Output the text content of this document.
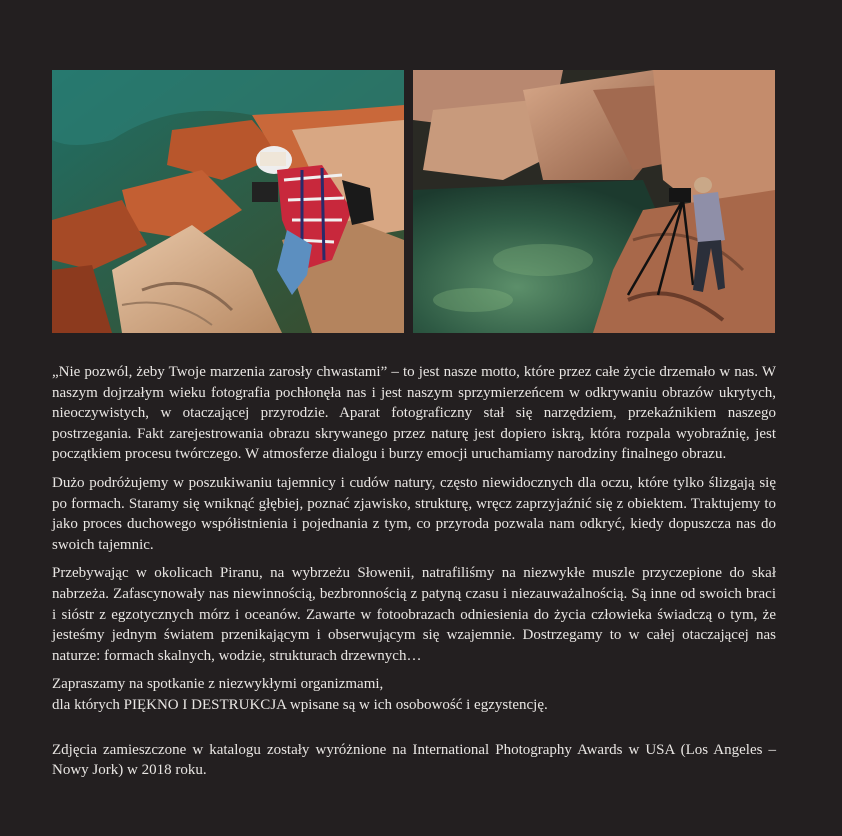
„Nie pozwól, żeby Twoje marzenia zarosły chwastami” – to jest nasze motto, które przez całe życie drzemało w nas. W naszym dojrzałym wieku fotografia pochłonęła nas i jest naszym sprzymierzeńcem w odkrywaniu obrazów ukrytych, nieoczywistych, w otaczającej przyrodzie. Aparat fotograficzny stał się narzędziem, przekaźnikiem naszego postrzegania. Fakt zarejestrowania obrazu skrywanego przez naturę jest dopiero iskrą, która rozpala wyobraźnię, jest początkiem procesu twórczego. W atmosferze dialogu i burzy emocji uruchamiamy narodziny finalnego obrazu.

Dużo podróżujemy w poszukiwaniu tajemnicy i cudów natury, często niewidocznych dla oczu, które tylko ślizgają się po formach. Staramy się wniknąć głębiej, poznać zjawisko, strukturę, wręcz zaprzyjaźnić się z obiektem. Traktujemy to jako proces duchowego współistnienia i pojednania z tym, co przyroda pozwala nam odkryć, kiedy dopuszcza nas do swoich tajemnic.

Przebywając w okolicach Piranu, na wybrzeżu Słowenii, natrafiliśmy na niezwykłe muszle przyczepione do skał nabrzeża. Zafascynowały nas niewinnością, bezbronnością z patyną czasu i niezauważalnością. Są inne od swoich braci i sióstr z egzotycznych mórz i oceanów. Zawarte w fotoobrazach odniesienia do życia człowieka świadczą o tym, że jesteśmy jednym światem przenikającym i obserwującym się wzajemnie. Dostrzegamy to w całej otaczającej nas naturze: formach skalnych, wodzie, strukturach drzewnych…

Zapraszamy na spotkanie z niezwykłymi organizmami,
dla których PIĘKNO I DESTRUKCJA wpisane są w ich osobowość i egzystencję.

Zdjęcia zamieszczone w katalogu zostały wyróżnione na International Photography Awards w USA (Los Angeles – Nowy Jork) w 2018 roku.
